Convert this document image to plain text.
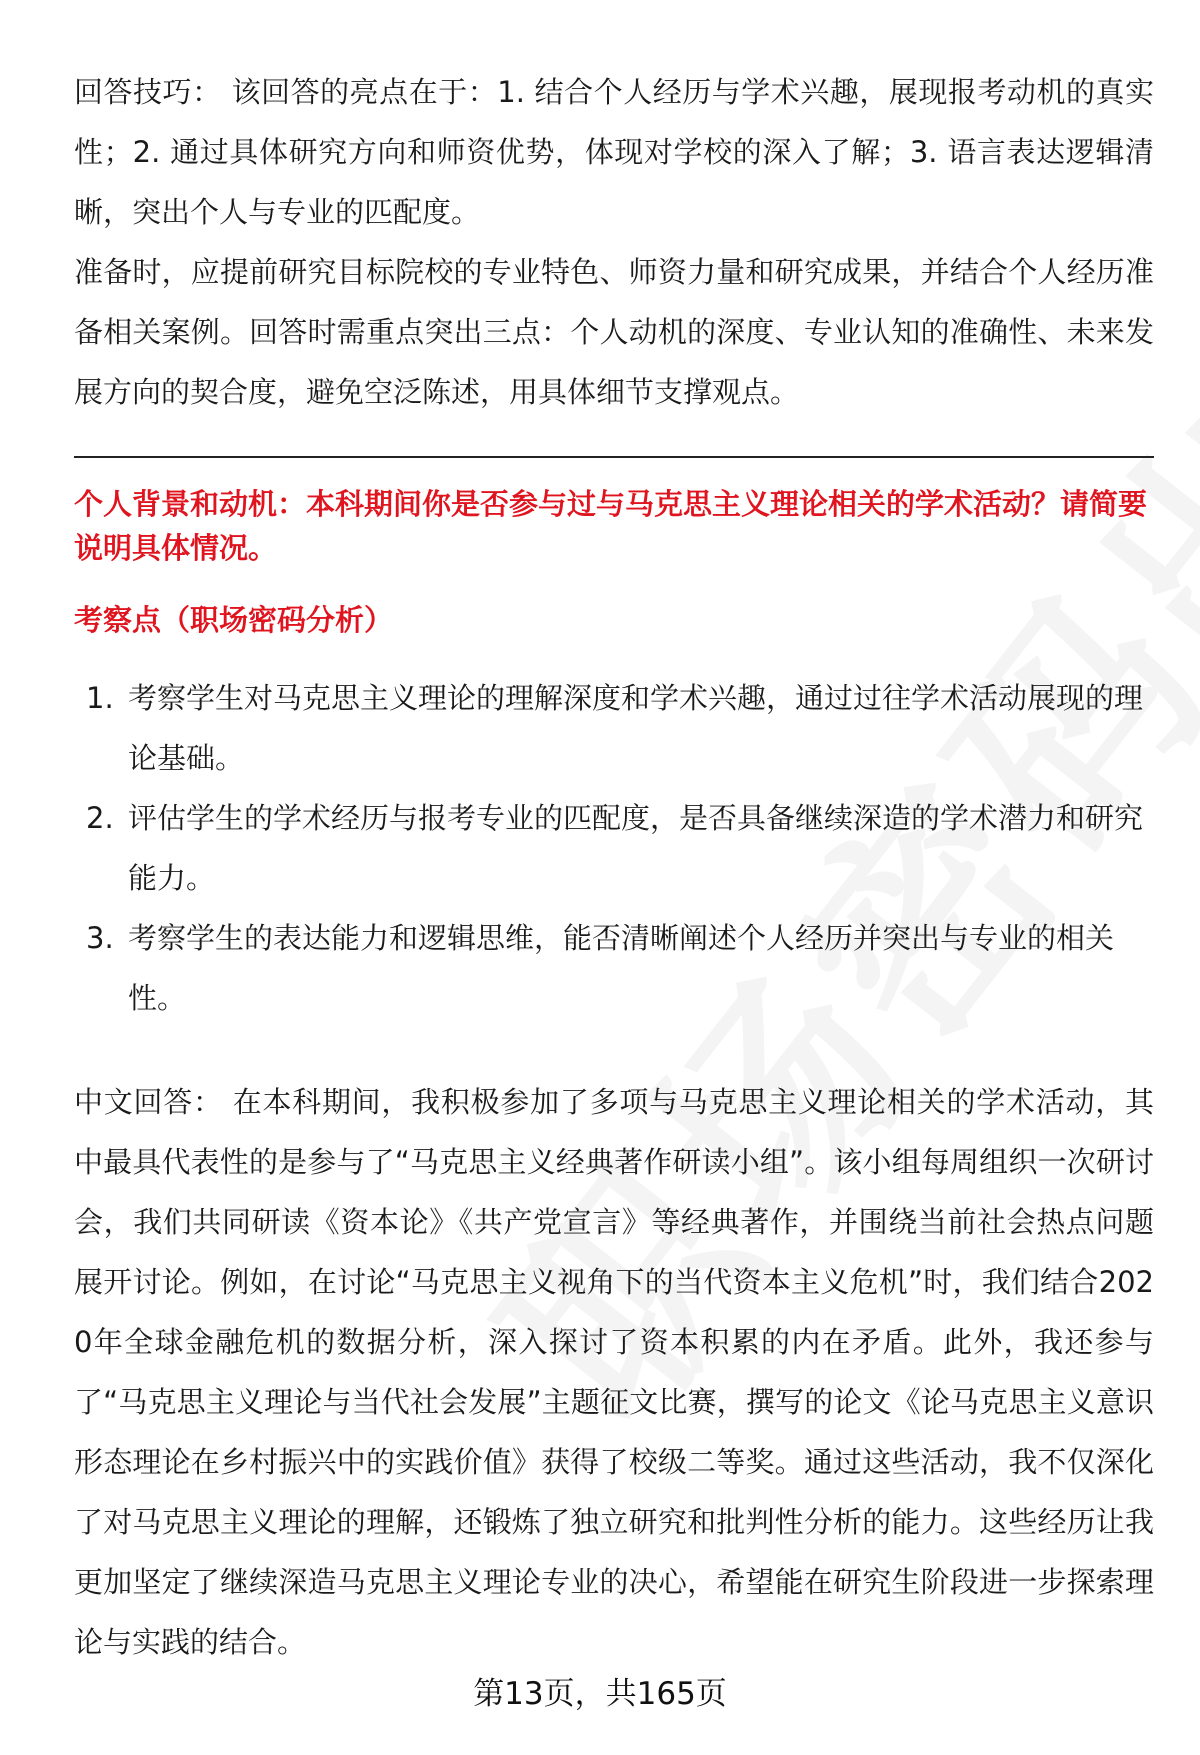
回答技巧： 该回答的亮点在于：1. 结合个人经历与学术兴趣，展现报考动机的真实性；2. 通过具体研究方向和师资优势，体现对学校的深入了解；3. 语言表达逻辑清晰，突出个人与专业的匹配度。

准备时，应提前研究目标院校的专业特色、师资力量和研究成果，并结合个人经历准备相关案例。回答时需重点突出三点：个人动机的深度、专业认知的准确性、未来发展方向的契合度，避免空泛陈述，用具体细节支撑观点。

个人背景和动机：本科期间你是否参与过与马克思主义理论相关的学术活动？请简要说明具体情况。

考察点（职场密码分析）

1. 考察学生对马克思主义理论的理解深度和学术兴趣，通过过往学术活动展现的理论基础。
2. 评估学生的学术经历与报考专业的匹配度，是否具备继续深造的学术潜力和研究能力。
3. 考察学生的表达能力和逻辑思维，能否清晰阐述个人经历并突出与专业的相关性。

中文回答： 在本科期间，我积极参加了多项与马克思主义理论相关的学术活动，其中最具代表性的是参与了“马克思主义经典著作研读小组”。该小组每周组织一次研讨会，我们共同研读《资本论》《共产党宣言》等经典著作，并围绕当前社会热点问题展开讨论。例如，在讨论“马克思主义视角下的当代资本主义危机”时，我们结合2020年全球金融危机的数据分析，深入探讨了资本积累的内在矛盾。此外，我还参与了“马克思主义理论与当代社会发展”主题征文比赛，撰写的论文《论马克思主义意识形态理论在乡村振兴中的实践价值》获得了校级二等奖。通过这些活动，我不仅深化了对马克思主义理论的理解，还锻炼了独立研究和批判性分析的能力。这些经历让我更加坚定了继续深造马克思主义理论专业的决心，希望能在研究生阶段进一步探索理论与实践的结合。

第13页，共165页
